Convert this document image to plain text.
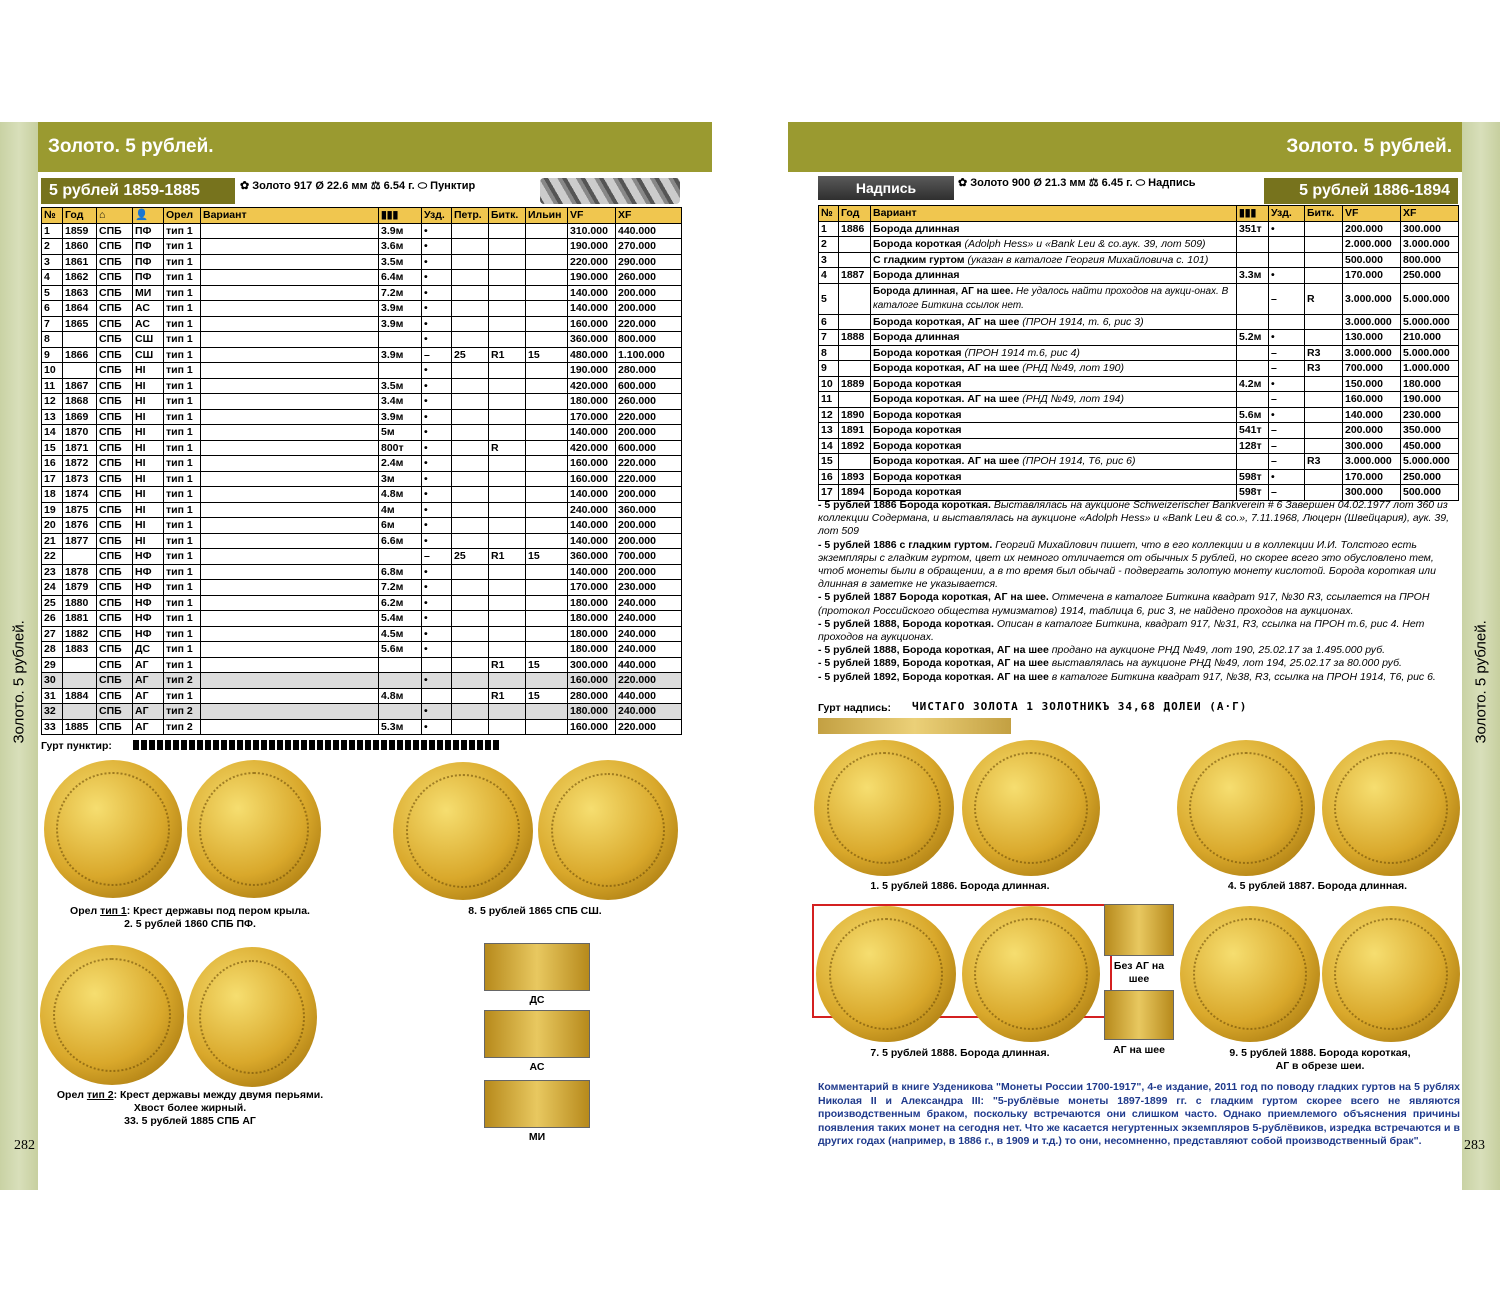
Золото. 5 рублей.
Золото. 5 рублей.
282
5 рублей 1859-1885	✿ Золото 917 Ø 22.6 мм ⚖ 6.54 г. ⬭ Пунктир
№	Год	⌂	👤	Орел	Вариант	▮▮▮	Узд.	Петр.	Битк.	Ильин	VF	XF
1	1859	СПБ	ПФ	тип 1		3.9м	•				310.000	440.000
2	1860	СПБ	ПФ	тип 1		3.6м	•				190.000	270.000
3	1861	СПБ	ПФ	тип 1		3.5м	•				220.000	290.000
4	1862	СПБ	ПФ	тип 1		6.4м	•				190.000	260.000
5	1863	СПБ	МИ	тип 1		7.2м	•				140.000	200.000
6	1864	СПБ	АС	тип 1		3.9м	•				140.000	200.000
7	1865	СПБ	АС	тип 1		3.9м	•				160.000	220.000
8		СПБ	СШ	тип 1			•				360.000	800.000
9	1866	СПБ	СШ	тип 1		3.9м	–	25	R1	15	480.000	1.100.000
10		СПБ	НІ	тип 1			•				190.000	280.000
11	1867	СПБ	НІ	тип 1		3.5м	•				420.000	600.000
12	1868	СПБ	НІ	тип 1		3.4м	•				180.000	260.000
13	1869	СПБ	НІ	тип 1		3.9м	•				170.000	220.000
14	1870	СПБ	НІ	тип 1		5м	•				140.000	200.000
15	1871	СПБ	НІ	тип 1		800т	•		R		420.000	600.000
16	1872	СПБ	НІ	тип 1		2.4м	•				160.000	220.000
17	1873	СПБ	НІ	тип 1		3м	•				160.000	220.000
18	1874	СПБ	НІ	тип 1		4.8м	•				140.000	200.000
19	1875	СПБ	НІ	тип 1		4м	•				240.000	360.000
20	1876	СПБ	НІ	тип 1		6м	•				140.000	200.000
21	1877	СПБ	НІ	тип 1		6.6м	•				140.000	200.000
22		СПБ	НФ	тип 1			–	25	R1	15	360.000	700.000
23	1878	СПБ	НФ	тип 1		6.8м	•				140.000	200.000
24	1879	СПБ	НФ	тип 1		7.2м	•				170.000	230.000
25	1880	СПБ	НФ	тип 1		6.2м	•				180.000	240.000
26	1881	СПБ	НФ	тип 1		5.4м	•				180.000	240.000
27	1882	СПБ	НФ	тип 1		4.5м	•				180.000	240.000
28	1883	СПБ	ДС	тип 1		5.6м	•				180.000	240.000
29		СПБ	АГ	тип 1					R1	15	300.000	440.000
30		СПБ	АГ	тип 2			•				160.000	220.000
31	1884	СПБ	АГ	тип 1		4.8м			R1	15	280.000	440.000
32		СПБ	АГ	тип 2			•				180.000	240.000
33	1885	СПБ	АГ	тип 2		5.3м	•				160.000	220.000
Гурт пунктир:
Орел тип 1: Крест державы под пером крыла.
2. 5 рублей 1860 СПБ ПФ.
8. 5 рублей 1865 СПБ СШ.
Орел тип 2: Крест державы между двумя перьями.
Хвост более жирный.
33. 5 рублей 1885 СПБ АГ
ДС
АС
МИ
Золото. 5 рублей.
Золото. 5 рублей.
283
Надпись	✿ Золото 900 Ø 21.3 мм ⚖ 6.45 г. ⬭ Надпись	5 рублей 1886-1894
№	Год	Вариант	▮▮▮	Узд.	Битк.	VF	XF
1	1886	Борода длинная	351т	•		200.000	300.000
2		Борода короткая (Adolph Hess» и «Bank Leu & co.аук. 39, лот 509)				2.000.000	3.000.000
3		С гладким гуртом (указан в каталоге Георгия Михайловича с. 101)				500.000	800.000
4	1887	Борода длинная	3.3м	•		170.000	250.000
5		Борода длинная, АГ на шее. Не удалось найти проходов на аукци-онах. В каталоге Биткина ссылок нет.		–	R	3.000.000	5.000.000
6		Борода короткая, АГ на шее (ПРОН 1914, т. 6, рис 3)				3.000.000	5.000.000
7	1888	Борода длинная	5.2м	•		130.000	210.000
8		Борода короткая (ПРОН 1914 т.6, рис 4)		–	R3	3.000.000	5.000.000
9		Борода короткая, АГ на шее (РНД №49, лот 190)		–	R3	700.000	1.000.000
10	1889	Борода короткая	4.2м	•		150.000	180.000
11		Борода короткая. АГ на шее (РНД №49, лот 194)		–		160.000	190.000
12	1890	Борода короткая	5.6м	•		140.000	230.000
13	1891	Борода короткая	541т	–		200.000	350.000
14	1892	Борода короткая	128т	–		300.000	450.000
15		Борода короткая. АГ на шее (ПРОН 1914, Т6, рис 6)		–	R3	3.000.000	5.000.000
16	1893	Борода короткая	598т	•		170.000	250.000
17	1894	Борода короткая	598т	–		300.000	500.000

- 5 рублей 1886 Борода короткая. Выставлялась на аукционе Schweizerischer Bankverein # 6 Завершен 04.02.1977 лот 360 из коллекции Содермана, и выставлялась на аукционе «Adolph Hess» и «Bank Leu & co.», 7.11.1968, Люцерн (Швейцария), аук. 39, лот 509

- 5 рублей 1886 с гладким гуртом. Георгий Михайлович пишет, что в его коллекции и в коллекции И.И. Толстого есть экземпляры с гладким гуртом, цвет их немного отличается от обычных 5 рублей, но скорее всего это обусловлено тем, чтоб монеты были в обращении, а в то время был обычай - подвергать золотую монету кислотой. Борода короткая или длинная в заметке не указывается.

- 5 рублей 1887 Борода короткая, АГ на шее. Отмечена в каталоге Биткина квадрат 917, №30 R3, ссылается на ПРОН (протокол Российского общества нумизматов) 1914, таблица 6, рис 3, не найдено проходов на аукционах.

- 5 рублей 1888, Борода короткая. Описан в каталоге Биткина, квадрат 917, №31, R3, ссылка на ПРОН т.6, рис 4. Нет проходов на аукционах.

- 5 рублей 1888, Борода короткая, АГ на шее продано на аукционе РНД №49, лот 190, 25.02.17 за 1.495.000 руб.

- 5 рублей 1889, Борода короткая, АГ на шее выставлялась на аукционе РНД №49, лот 194, 25.02.17 за 80.000 руб.

- 5 рублей 1892, Борода короткая. АГ на шее в каталоге Биткина квадрат 917, №38, R3, ссылка на ПРОН 1914, Т6, рис 6.

Гурт надпись: ЧИСТАГО ЗОЛОТА 1 ЗОЛОТНИКЪ 34,68 ДОЛЕИ (А·Г)
1. 5 рублей 1886. Борода длинная.	4. 5 рублей 1887. Борода длинная.
7. 5 рублей 1888. Борода длинная.
Без АГ на
шее
АГ на шее	9. 5 рублей 1888. Борода короткая,
АГ в обрезе шеи.
Комментарий в книге Узденикова "Монеты России 1700-1917", 4-е издание, 2011 год по поводу гладких гуртов на 5 рублях Николая II и Александра III: "5-рублёвые монеты 1897-1899 гг. с гладким гуртом скорее всего не являются производственным браком, поскольку встречаются они слишком часто. Однако приемлемого объяснения причины появления таких монет на сегодня нет. Что же касается негуртенных экземпляров 5-рублёвиков, изредка встречаются и в других годах (например, в 1886 г., в 1909 и т.д.) то они, несомненно, представляют собой производственный брак".
